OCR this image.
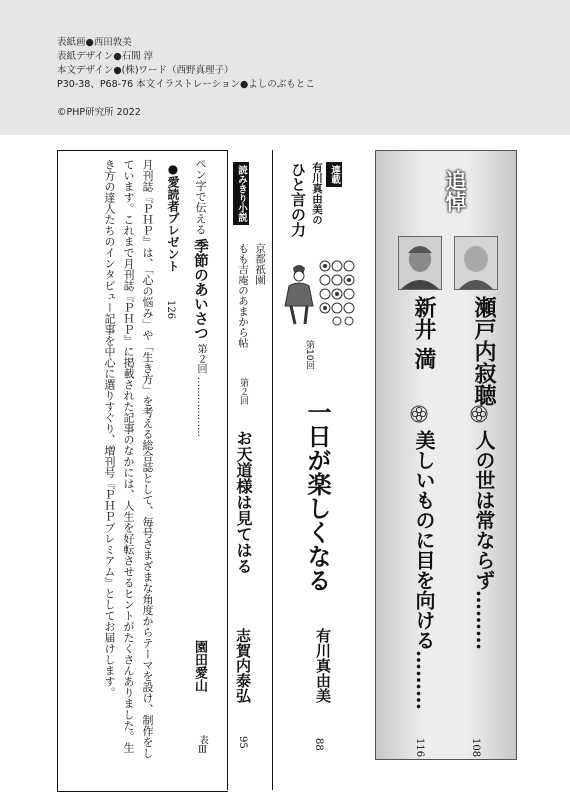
表紙画●西田敦美
表紙デザイン●石間 淳
本文デザイン●(株)ワード（西野真理子）
P30-38、P68-76 本文イラストレーション●よしのぶもとこ
©PHP研究所 2022
月刊誌『ＰＨＰ』は、「心の悩み」や「生き方」を考える総合誌として、毎号さまざまな角度からテーマを設け、制作をしています。これまで月刊誌『ＰＨＰ』に掲載された記事のなかには、人生を好転させるヒントがたくさんありました。生き方の達人たちのインタビュー記事を中心に選りすぐり、増刊号『ＰＨＰプレミアム』としてお届けします。	●愛読者プレゼント
126
ペン字で伝える 季節のあいさつ 第２回 ………………
園田愛山
表Ⅲ
読みきり小説
京都祇園
もも吉庵のあまから帖
第２回
お天道様は見てはる
志賀内泰弘
95
連載
有川真由美の
ひと言の力
第10回
一日が楽しくなる
有川真由美
88
追悼
瀬戸内寂聴
新井 満
人の世は常ならず………
美しいものに目を向ける………
116	108
